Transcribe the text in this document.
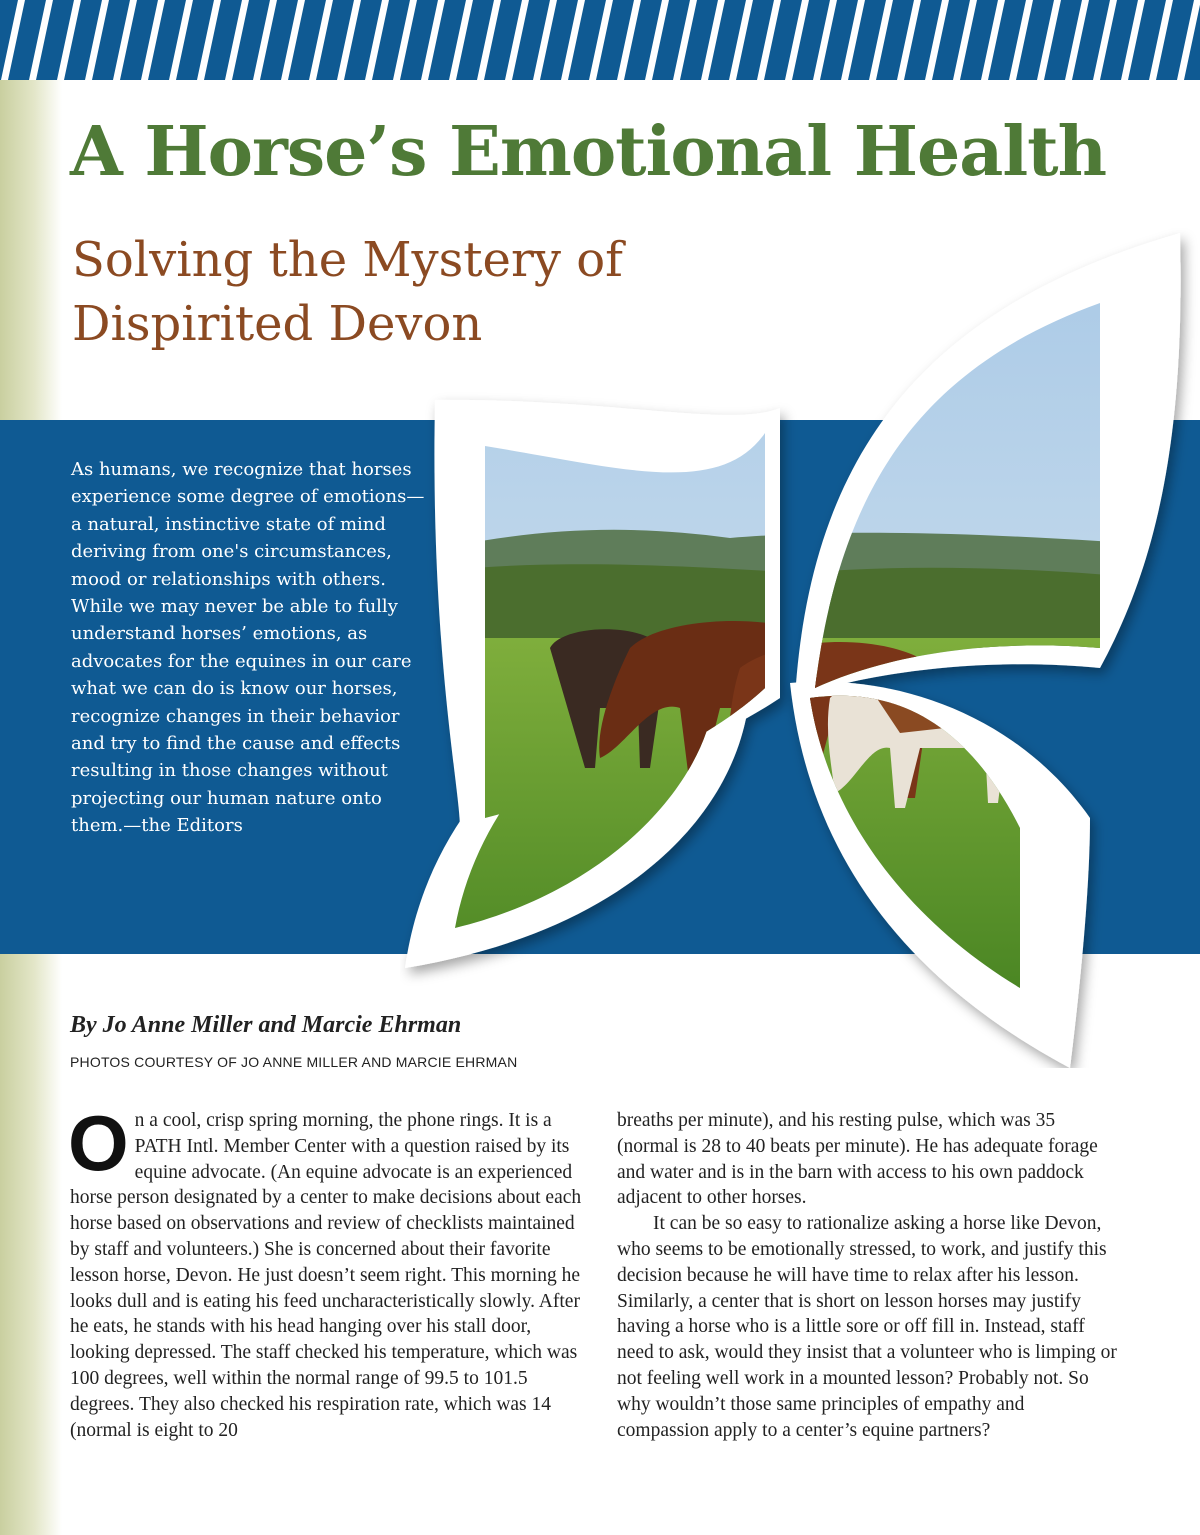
A Horse’s Emotional Health
Solving the Mystery of Dispirited Devon

As humans, we recognize that horses experience some degree of emotions—a natural, instinctive state of mind deriving from one's circumstances, mood or relationships with others. While we may never be able to fully understand horses’ emotions, as advocates for the equines in our care what we can do is know our horses, recognize changes in their behavior and try to find the cause and effects resulting in those changes without projecting our human nature onto them.—the Editors

By Jo Anne Miller and Marcie Ehrman

PHOTOS COURTESY OF JO ANNE MILLER AND MARCIE EHRMAN

O n a cool, crisp spring morning, the phone rings. It is a PATH Intl. Member Center with a question raised by its equine advocate. (An equine advocate is an experienced horse person designated by a center to make decisions about each horse based on observations and review of checklists maintained by staff and volunteers.) She is concerned about their favorite lesson horse, Devon. He just doesn’t seem right. This morning he looks dull and is eating his feed uncharacteristically slowly. After he eats, he stands with his head hanging over his stall door, looking depressed. The staff checked his temperature, which was 100 degrees, well within the normal range of 99.5 to 101.5 degrees. They also checked his respiration rate, which was 14 (normal is eight to 20

breaths per minute), and his resting pulse, which was 35 (normal is 28 to 40 beats per minute). He has adequate forage and water and is in the barn with access to his own paddock adjacent to other horses.

It can be so easy to rationalize asking a horse like Devon, who seems to be emotionally stressed, to work, and justify this decision because he will have time to relax after his lesson. Similarly, a center that is short on lesson horses may justify having a horse who is a little sore or off fill in. Instead, staff need to ask, would they insist that a volunteer who is limping or not feeling well work in a mounted lesson? Probably not. So why wouldn’t those same principles of empathy and compassion apply to a center’s equine partners?
